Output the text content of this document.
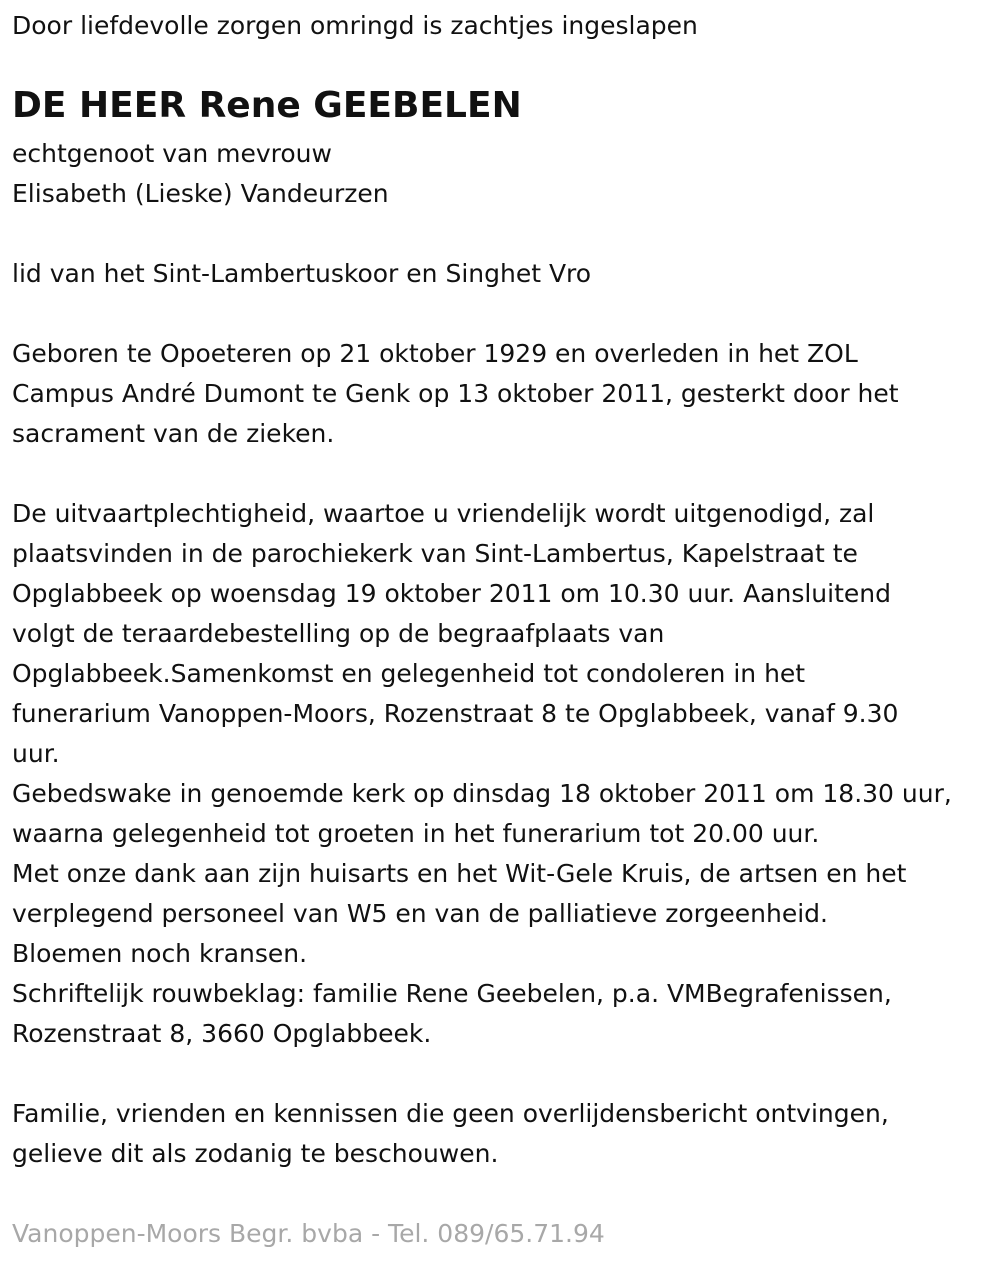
Door liefdevolle zorgen omringd is zachtjes ingeslapen

DE HEER Rene GEEBELEN

echtgenoot van mevrouw

Elisabeth (Lieske) Vandeurzen

lid van het Sint-Lambertuskoor en Singhet Vro

Geboren te Opoeteren op 21 oktober 1929 en overleden in het ZOL

Campus André Dumont te Genk op 13 oktober 2011, gesterkt door het

sacrament van de zieken.

De uitvaartplechtigheid, waartoe u vriendelijk wordt uitgenodigd, zal

plaatsvinden in de parochiekerk van Sint-Lambertus, Kapelstraat te

Opglabbeek op woensdag 19 oktober 2011 om 10.30 uur. Aansluitend

volgt de teraardebestelling op de begraafplaats van

Opglabbeek.Samenkomst en gelegenheid tot condoleren in het

funerarium Vanoppen-Moors, Rozenstraat 8 te Opglabbeek, vanaf 9.30

uur.

Gebedswake in genoemde kerk op dinsdag 18 oktober 2011 om 18.30 uur,

waarna gelegenheid tot groeten in het funerarium tot 20.00 uur.

Met onze dank aan zijn huisarts en het Wit-Gele Kruis, de artsen en het

verplegend personeel van W5 en van de palliatieve zorgeenheid.

Bloemen noch kransen.

Schriftelijk rouwbeklag: familie Rene Geebelen, p.a. VMBegrafenissen,

Rozenstraat 8, 3660 Opglabbeek.

Familie, vrienden en kennissen die geen overlijdensbericht ontvingen,

gelieve dit als zodanig te beschouwen.

Vanoppen-Moors Begr. bvba - Tel. 089/65.71.94
